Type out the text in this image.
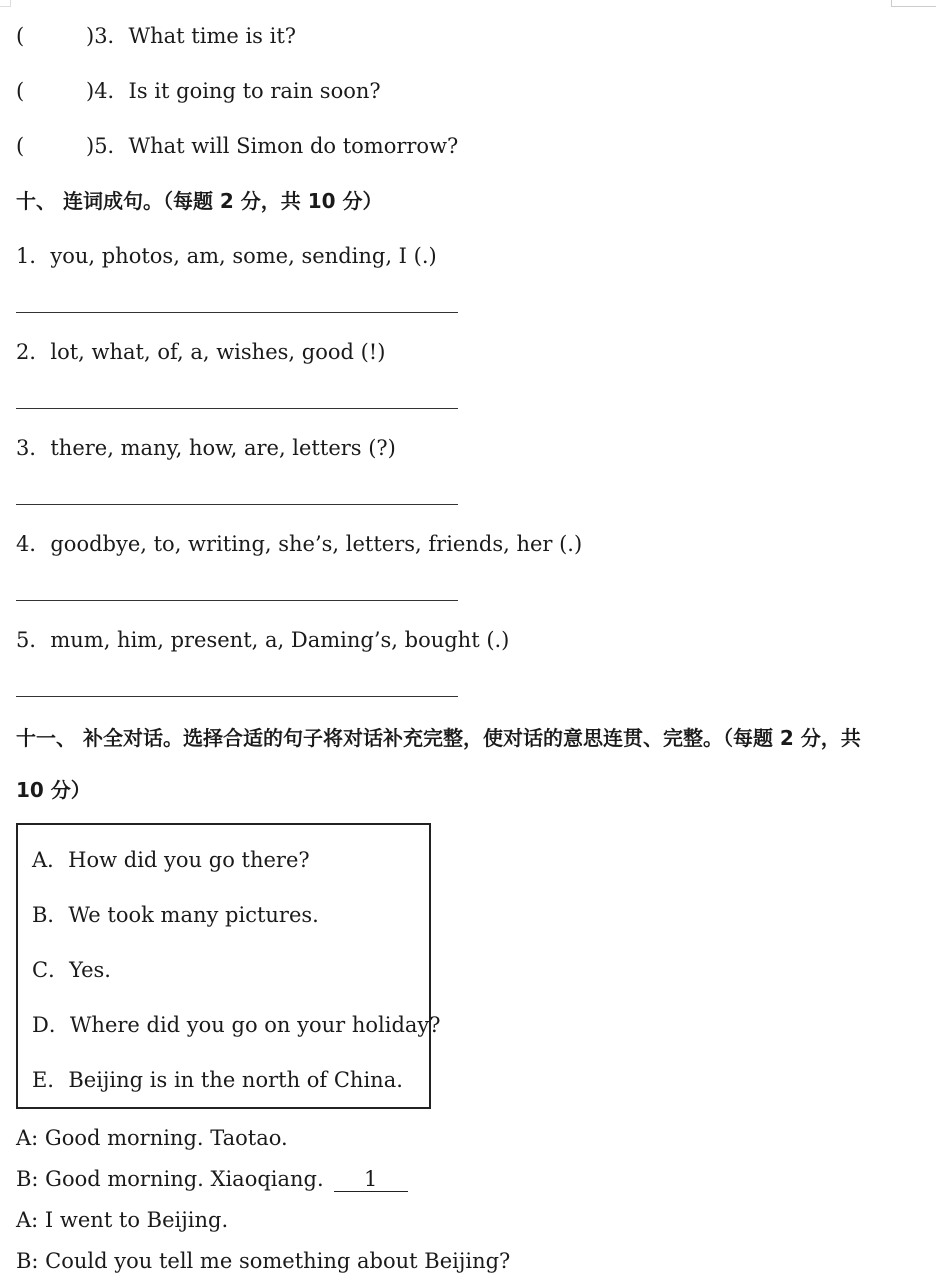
(	)3．What time is it?
(	)4．Is it going to rain soon?
(	)5．What will Simon do tomorrow?
十、 连词成句。（每题 2 分，共 10 分）
1．you, photos, am, some, sending, I (.)
2．lot, what, of, a, wishes, good (!)
3．there, many, how, are, letters (?)
4．goodbye, to, writing, she’s, letters, friends, her (.)
5．mum, him, present, a, Daming’s, bought (.)
十一、 补全对话。选择合适的句子将对话补充完整，使对话的意思连贯、完整。（每题 2 分，共
10 分）
A．How did you go there?
B．We took many pictures.
C．Yes.
D．Where did you go on your holiday?
E．Beijing is in the north of China.
A: Good morning. Taotao.
B: Good morning. Xiaoqiang. 1
A: I went to Beijing.
B: Could you tell me something about Beijing?
